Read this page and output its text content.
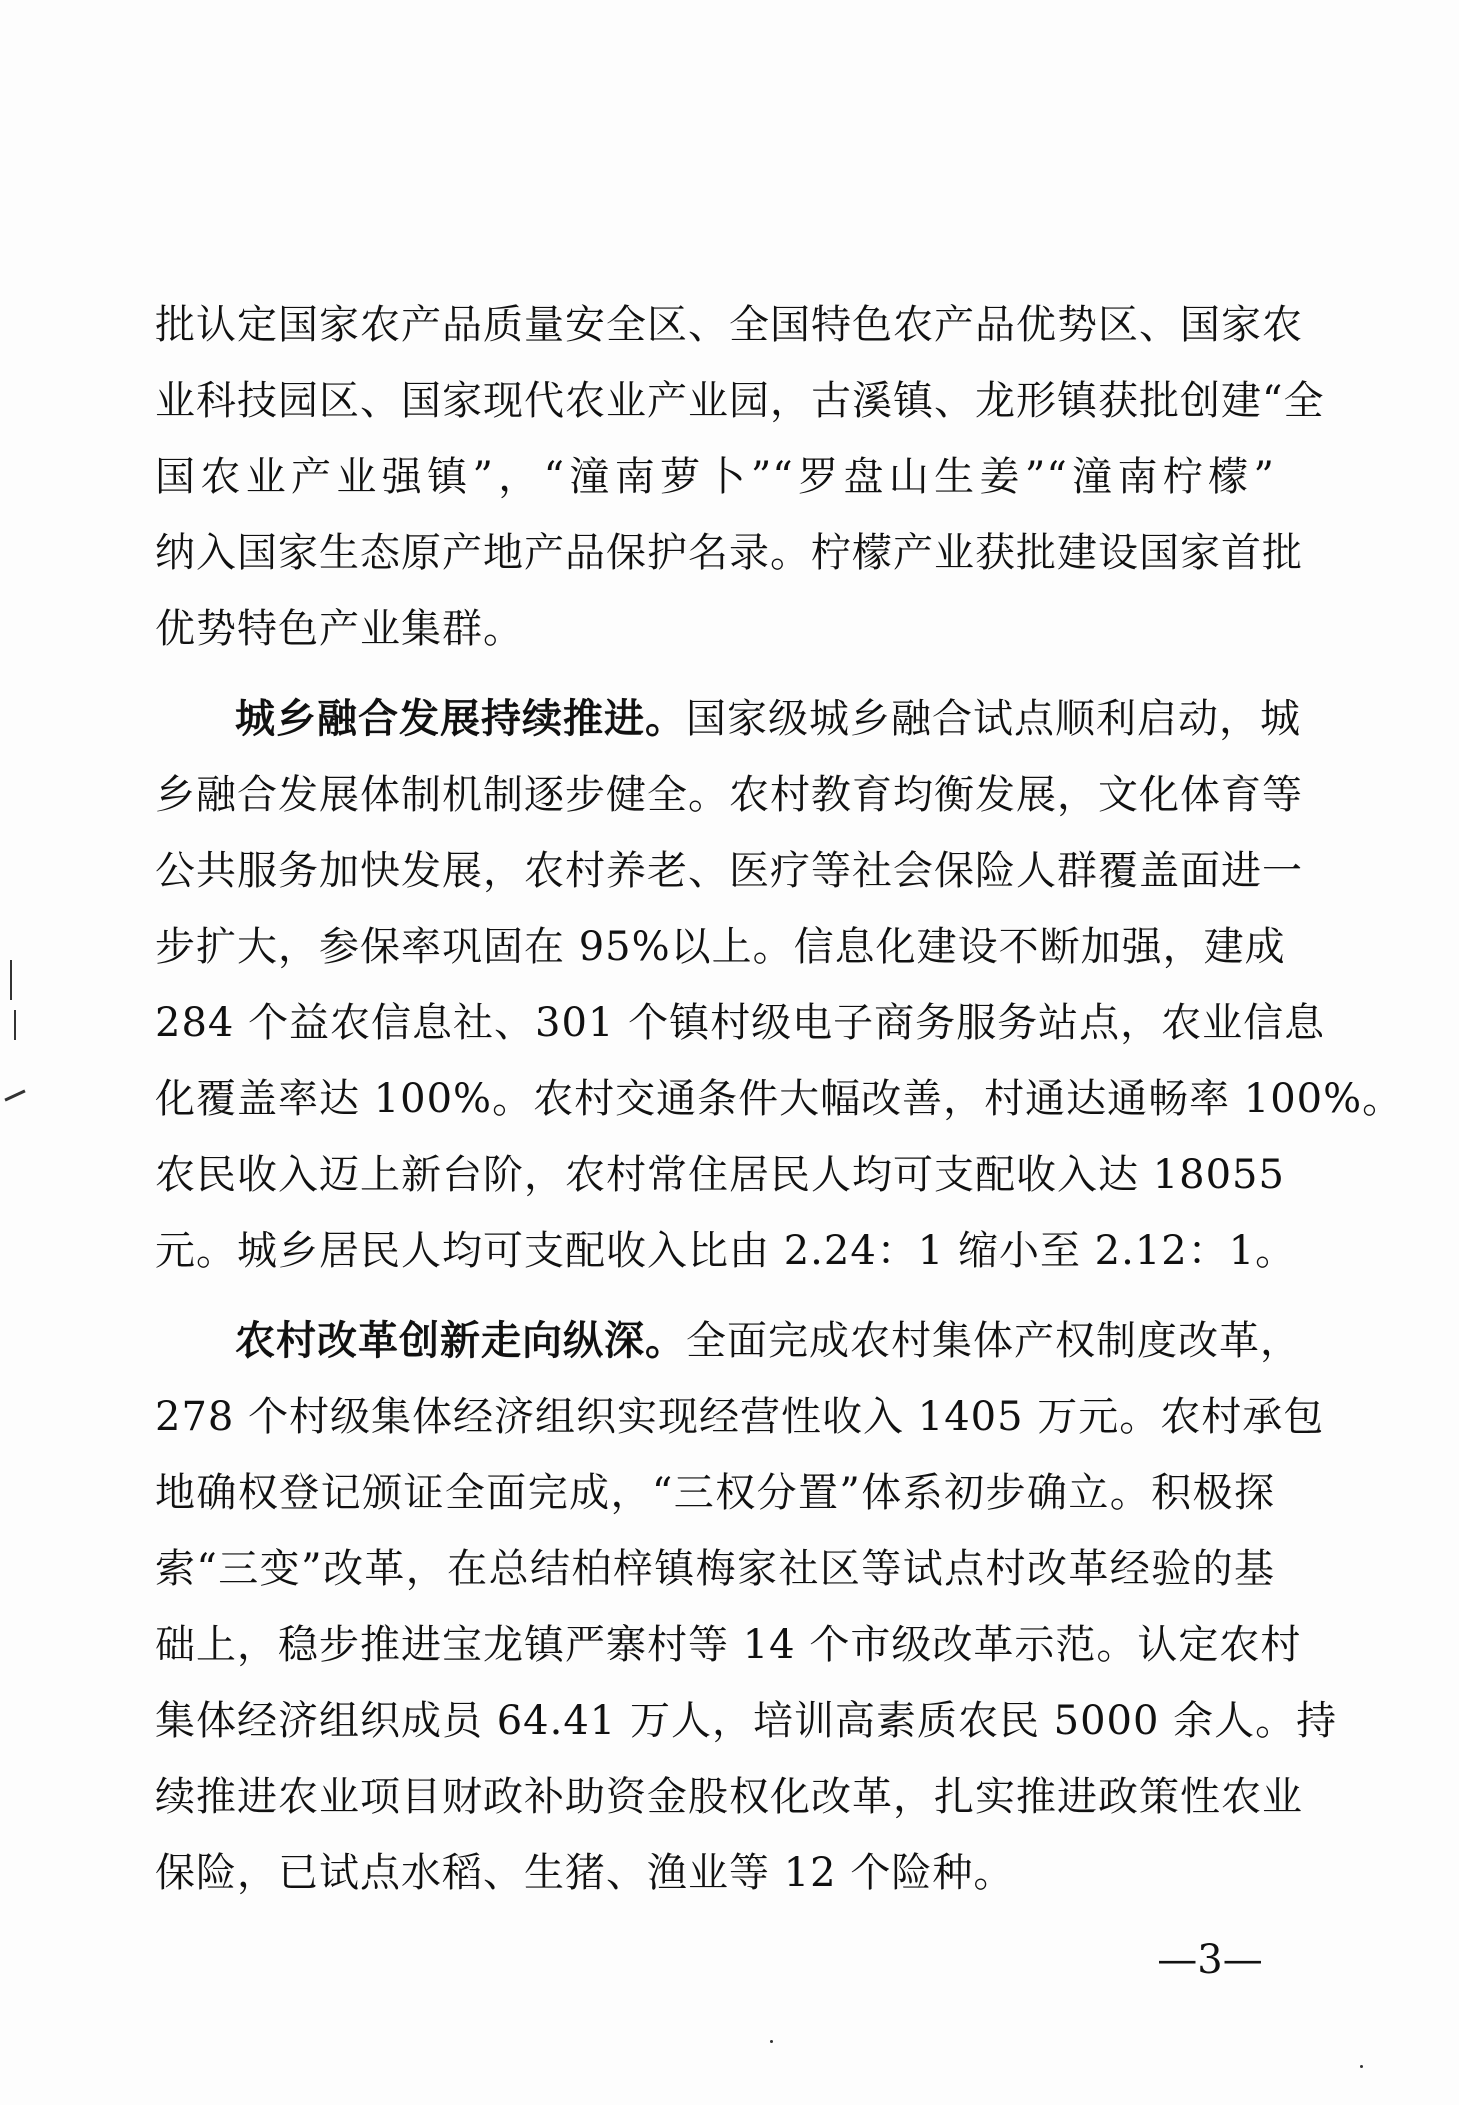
批认定国家农产品质量安全区、全国特色农产品优势区、国家农
业科技园区、国家现代农业产业园，古溪镇、龙形镇获批创建“全
国农业产业强镇”，“潼南萝卜”“罗盘山生姜”“潼南柠檬”
纳入国家生态原产地产品保护名录。柠檬产业获批建设国家首批
优势特色产业集群。
城乡融合发展持续推进。国家级城乡融合试点顺利启动，城
乡融合发展体制机制逐步健全。农村教育均衡发展，文化体育等
公共服务加快发展，农村养老、医疗等社会保险人群覆盖面进一
步扩大，参保率巩固在 95%以上。信息化建设不断加强，建成
284 个益农信息社、301 个镇村级电子商务服务站点，农业信息
化覆盖率达 100%。农村交通条件大幅改善，村通达通畅率 100%。
农民收入迈上新台阶，农村常住居民人均可支配收入达 18055
元。城乡居民人均可支配收入比由 2.24：1 缩小至 2.12：1。
农村改革创新走向纵深。全面完成农村集体产权制度改革，
278 个村级集体经济组织实现经营性收入 1405 万元。农村承包
地确权登记颁证全面完成，“三权分置”体系初步确立。积极探
索“三变”改革，在总结柏梓镇梅家社区等试点村改革经验的基
础上，稳步推进宝龙镇严寨村等 14 个市级改革示范。认定农村
集体经济组织成员 64.41 万人，培训高素质农民 5000 余人。持
续推进农业项目财政补助资金股权化改革，扎实推进政策性农业
保险，已试点水稻、生猪、渔业等 12 个险种。
—3—
